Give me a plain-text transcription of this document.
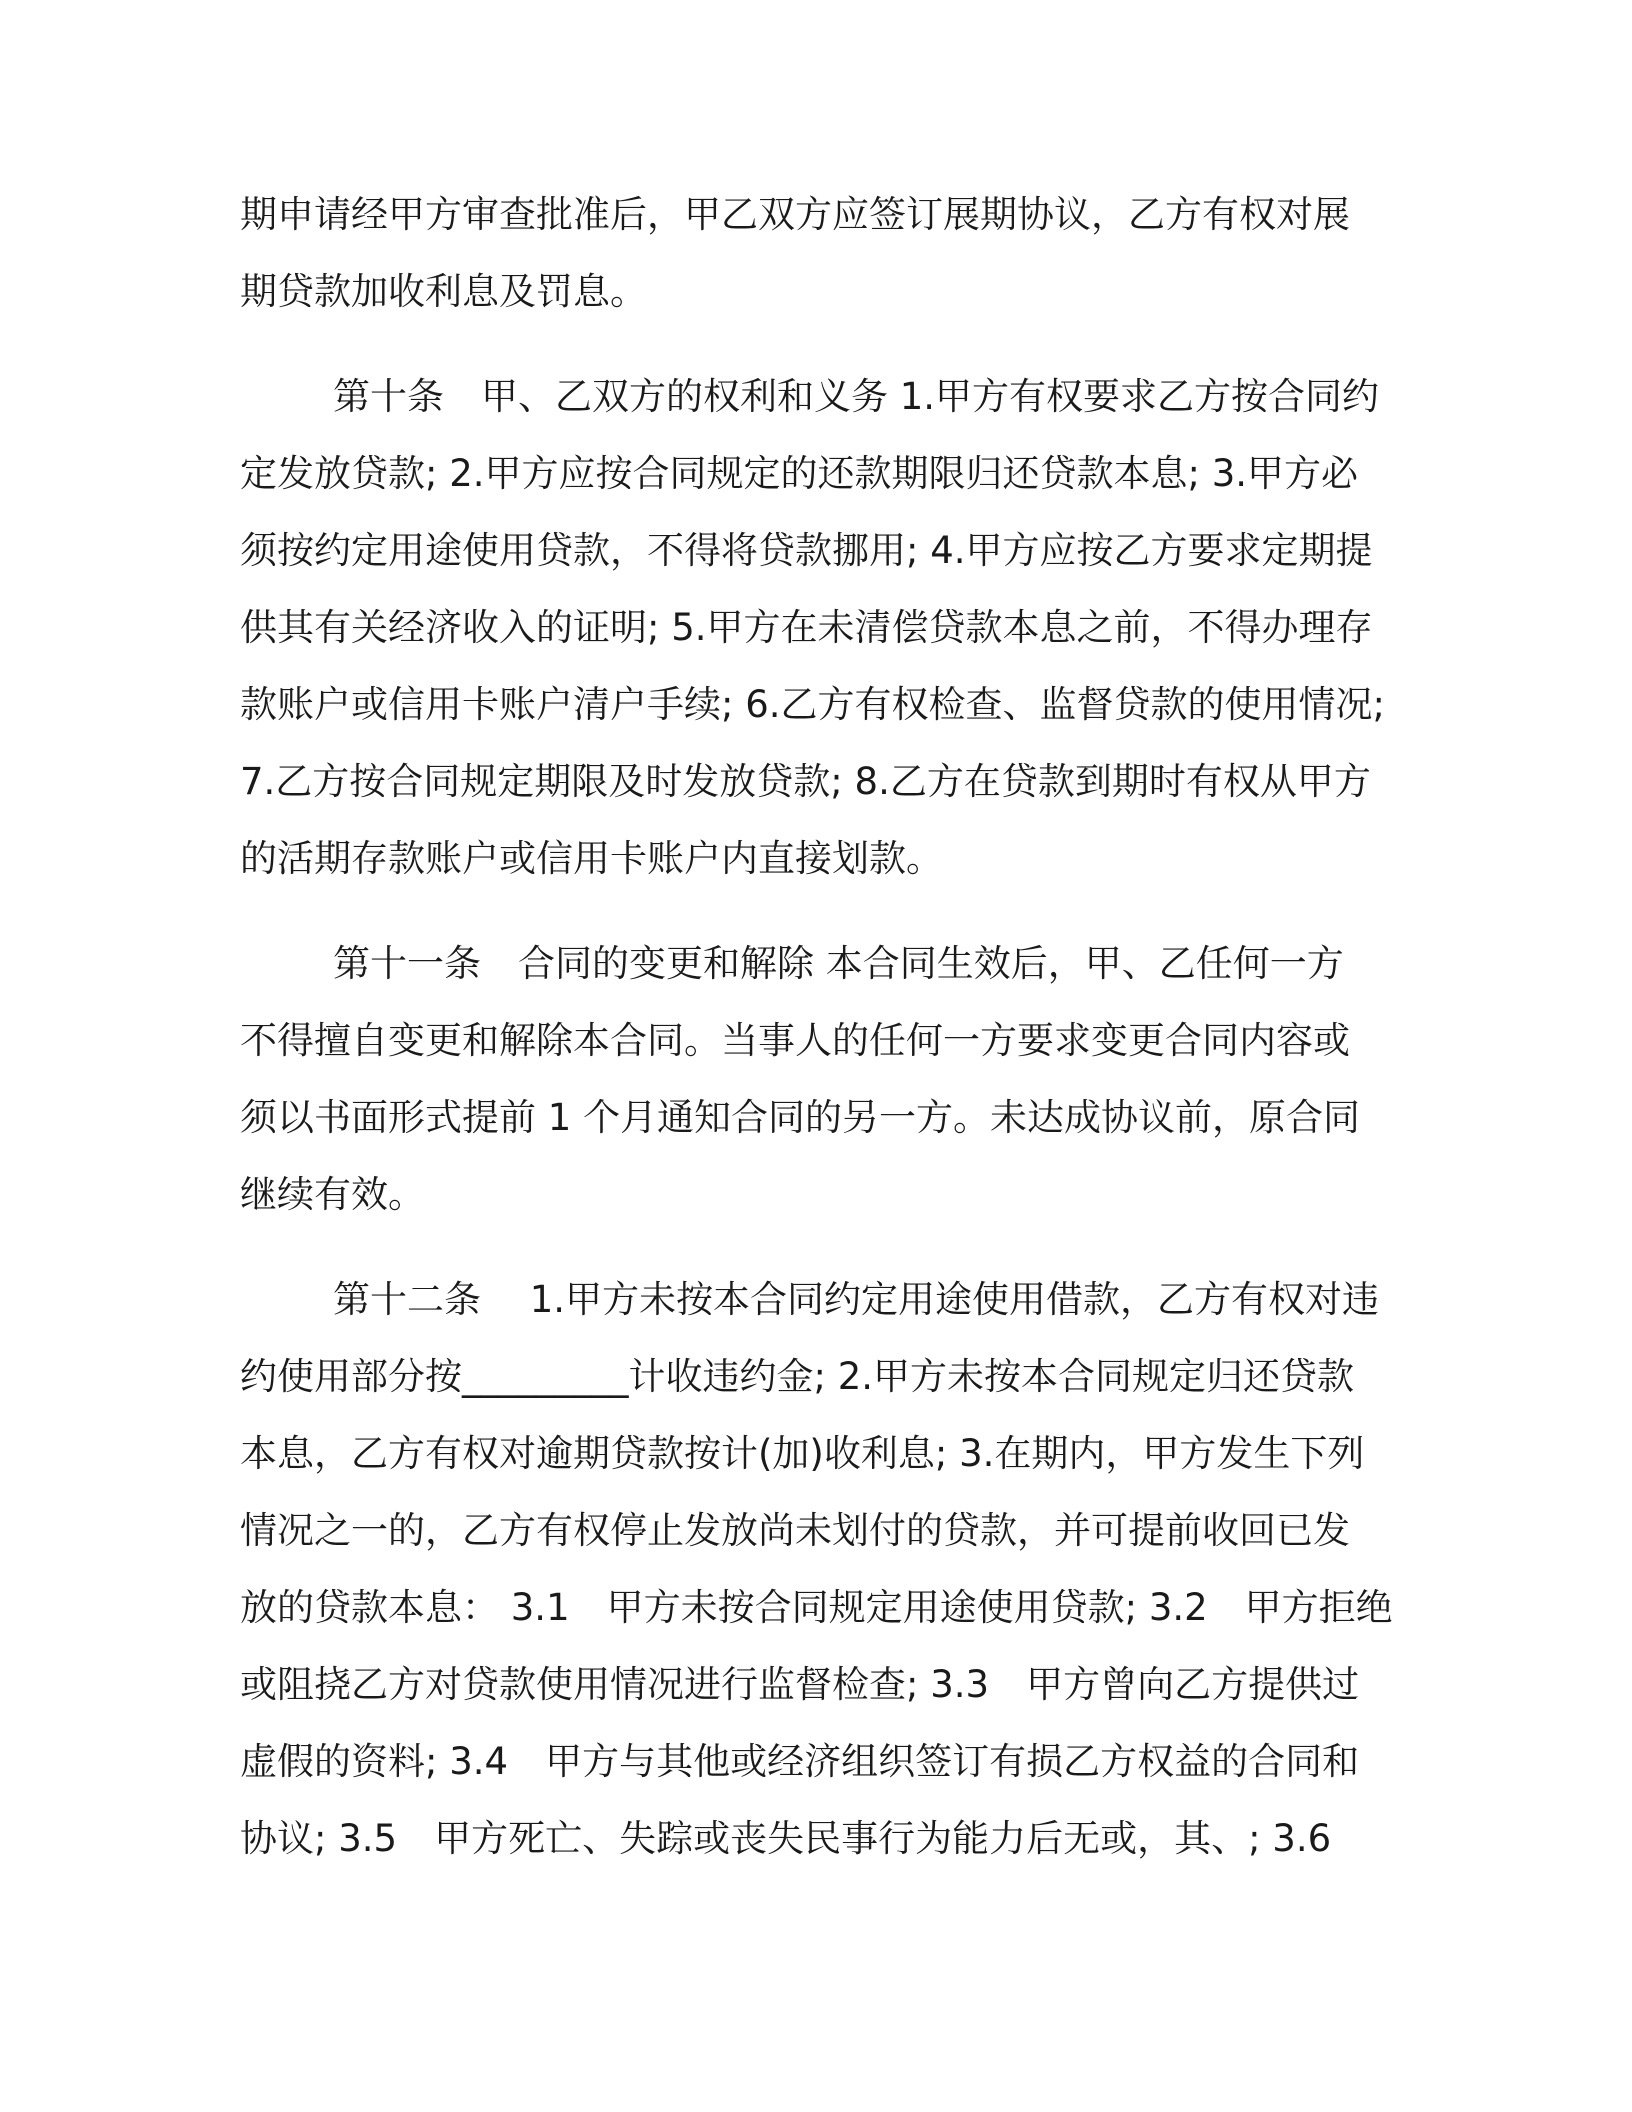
期申请经甲方审查批准后，甲乙双方应签订展期协议，乙方有权对展
期贷款加收利息及罚息。
第十条　甲、乙双方的权利和义务 1.甲方有权要求乙方按合同约
定发放贷款; 2.甲方应按合同规定的还款期限归还贷款本息; 3.甲方必
须按约定用途使用贷款，不得将贷款挪用; 4.甲方应按乙方要求定期提
供其有关经济收入的证明; 5.甲方在未清偿贷款本息之前，不得办理存
款账户或信用卡账户清户手续; 6.乙方有权检查、监督贷款的使用情况;
7.乙方按合同规定期限及时发放贷款; 8.乙方在贷款到期时有权从甲方
的活期存款账户或信用卡账户内直接划款。
第十一条　合同的变更和解除 本合同生效后，甲、乙任何一方
不得擅自变更和解除本合同。当事人的任何一方要求变更合同内容或
须以书面形式提前 1 个月通知合同的另一方。未达成协议前，原合同
继续有效。
第十二条　 1.甲方未按本合同约定用途使用借款，乙方有权对违
约使用部分按_________计收违约金; 2.甲方未按本合同规定归还贷款
本息，乙方有权对逾期贷款按计(加)收利息; 3.在期内，甲方发生下列
情况之一的，乙方有权停止发放尚未划付的贷款，并可提前收回已发
放的贷款本息： 3.1　甲方未按合同规定用途使用贷款; 3.2　甲方拒绝
或阻挠乙方对贷款使用情况进行监督检查; 3.3　甲方曾向乙方提供过
虚假的资料; 3.4　甲方与其他或经济组织签订有损乙方权益的合同和
协议; 3.5　甲方死亡、失踪或丧失民事行为能力后无或，其、; 3.6
